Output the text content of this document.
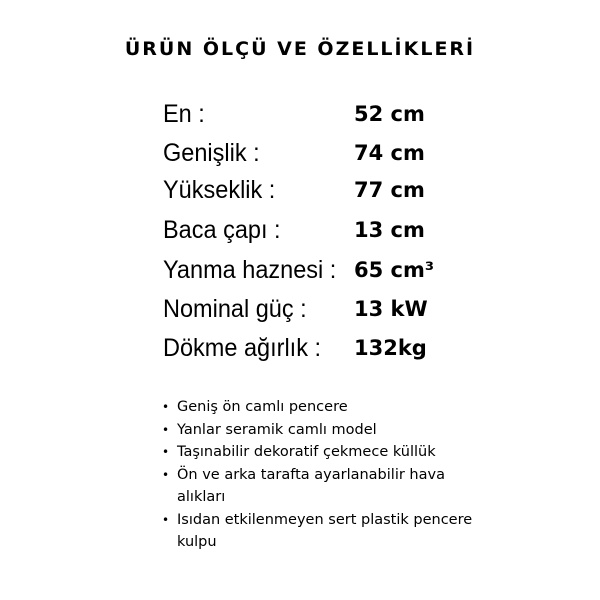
ÜRÜN ÖLÇÜ VE ÖZELLİKLERİ
En :	52 cm
Genişlik :	74 cm
Yükseklik :	77 cm
Baca çapı :	13 cm
Yanma haznesi : 65 cm³
Nominal güç : 13 kW
Dökme ağırlık : 132kg
• Geniş ön camlı pencere
• Yanlar seramik camlı model
• Taşınabilir dekoratif çekmece küllük
• Ön ve arka tarafta ayarlanabilir hava alıkları
• Isıdan etkilenmeyen sert plastik pencere kulpu
